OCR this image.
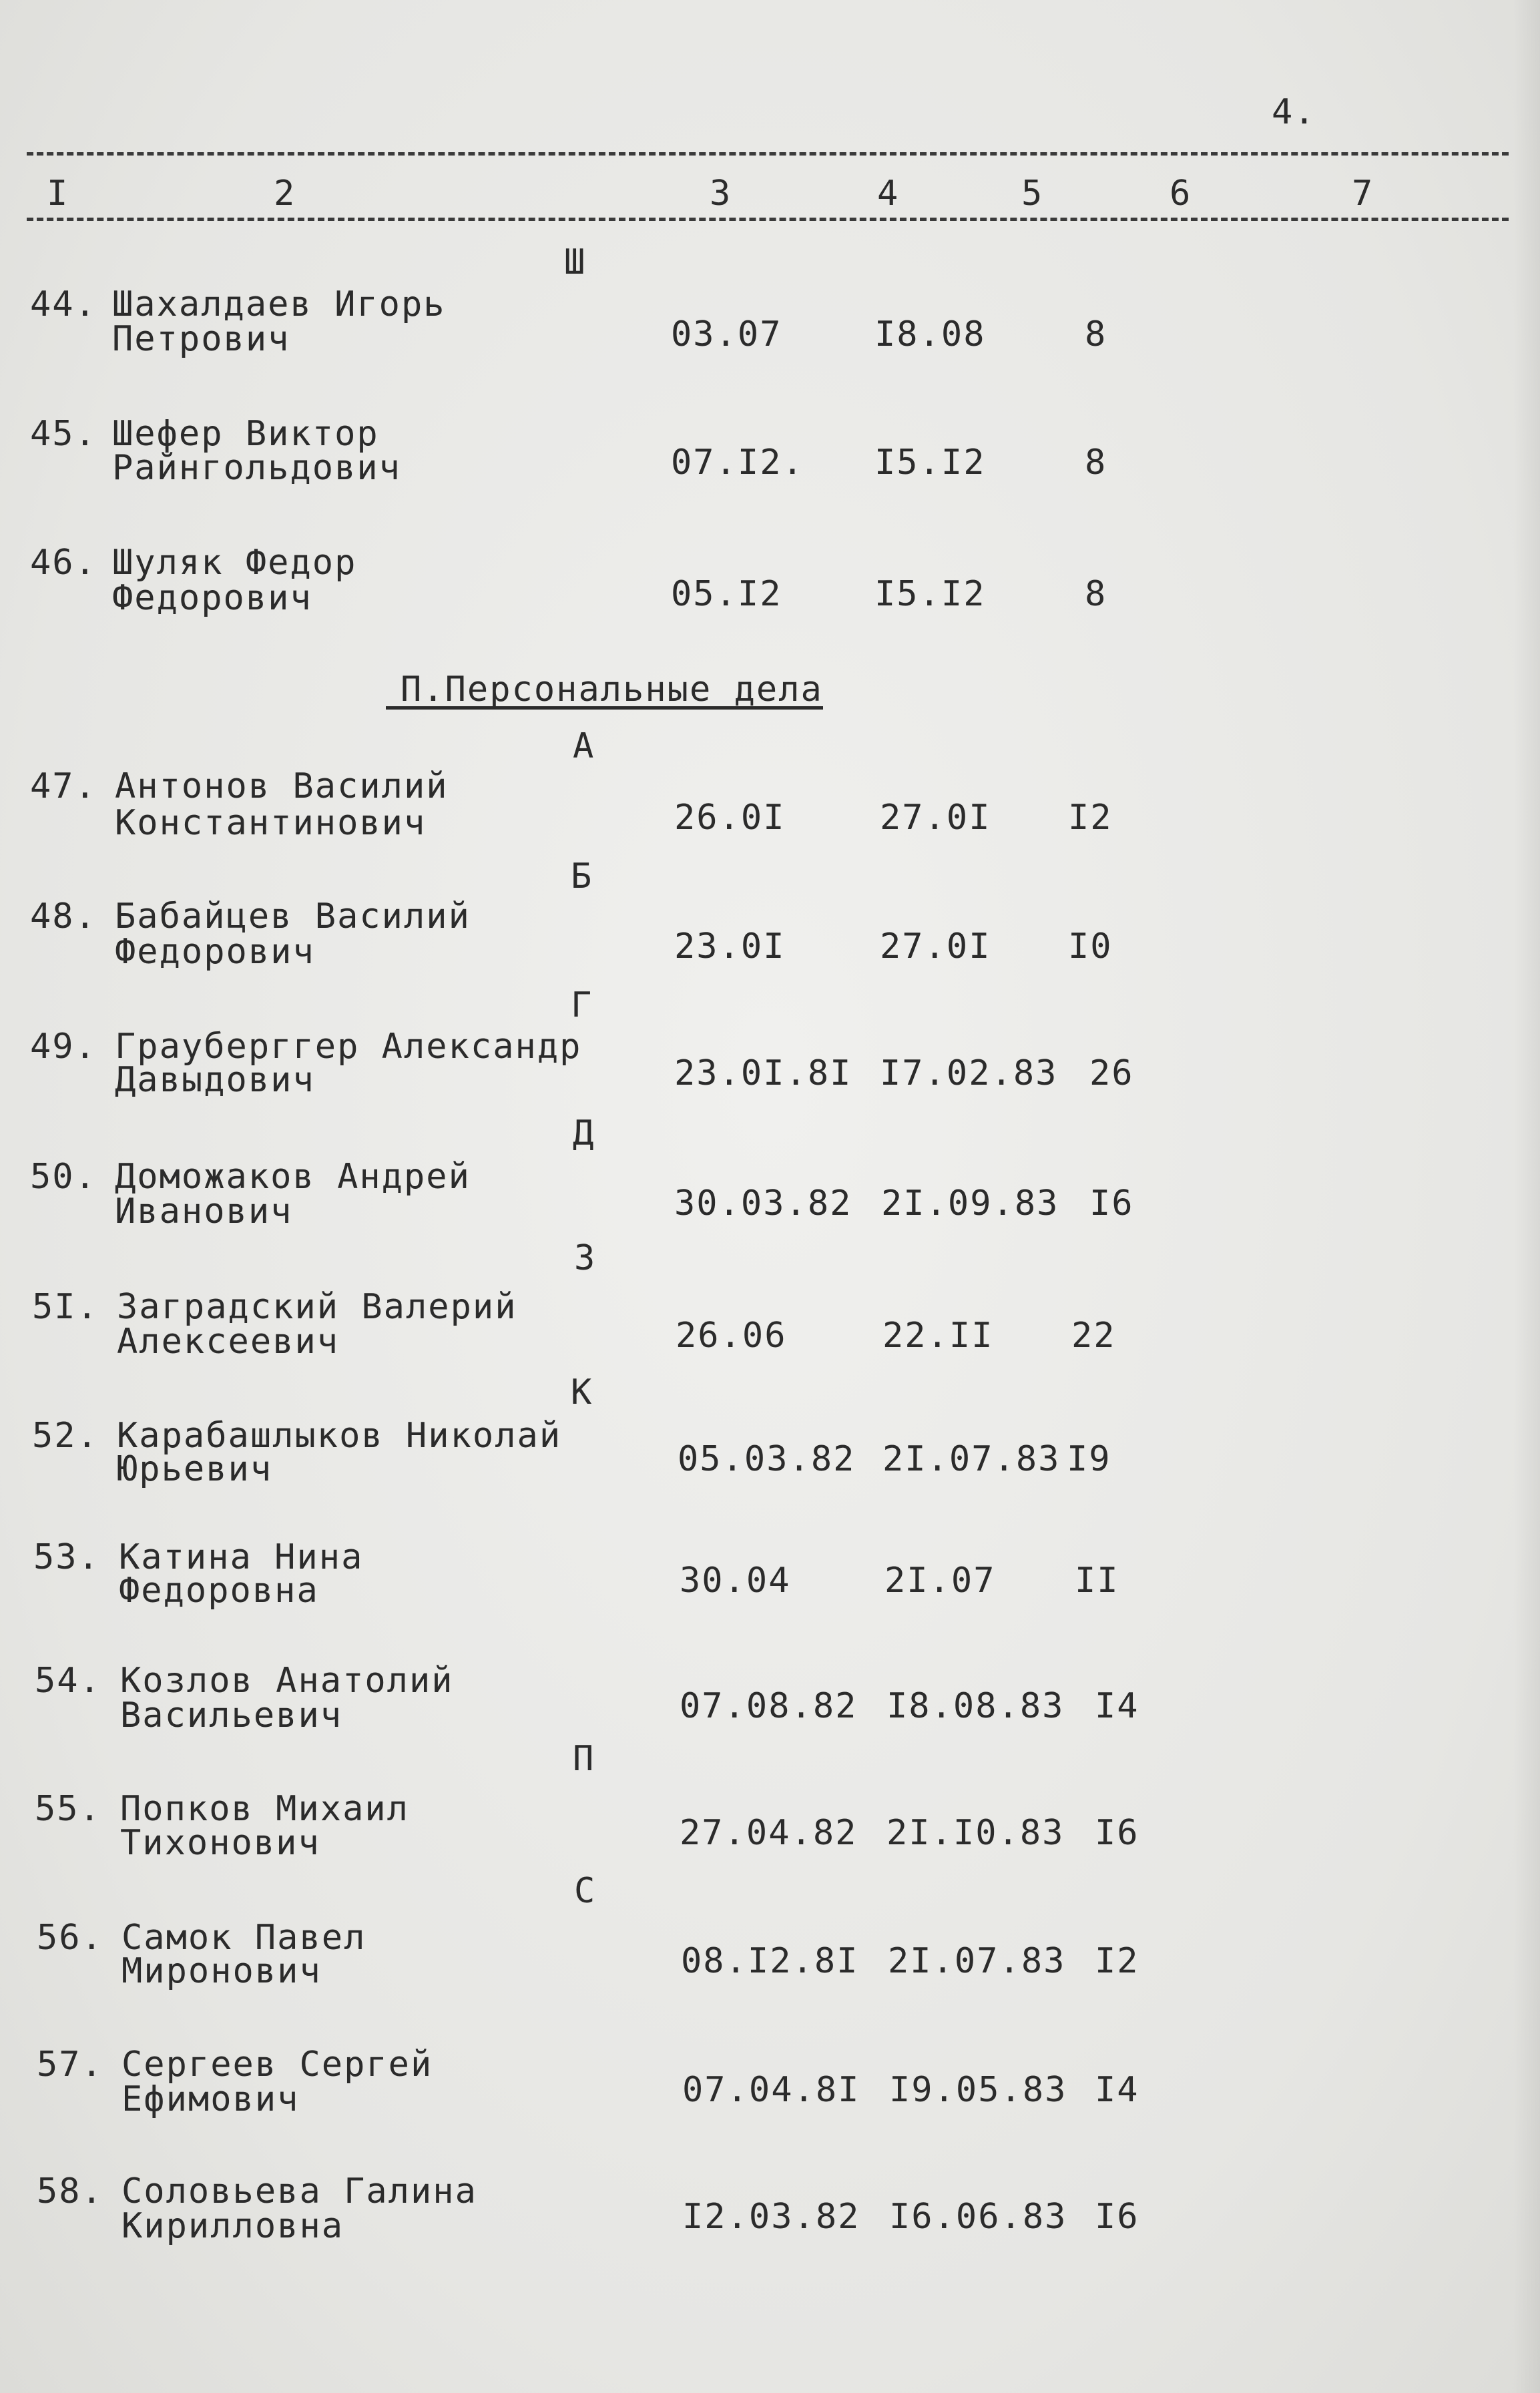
4.
I	2	3	4	5	6	7
Ш
П.Персональные дела
А
Б
Г
Д
З
К
П
С
44. Шахалдаев Игорь
Петрович	03.07	I8.08	8
45. Шефер Виктор
Райнгольдович	07.I2. I5.I2	8
46. Шуляк Федор
Федорович	05.I2	I5.I2	8
47. Антонов Василий
Константинович	26.0I	27.0I I2
48. Бабайцев Василий
Федорович	23.0I	27.0I I0
49. Грауберггер Александр
Давыдович	23.0I.8I I7.02.83 26
50. Доможаков Андрей
Иванович	30.03.82 2I.09.83 I6
5I. Заградский Валерий
Алексеевич	26.06	22.II 22
52. Карабашлыков Николай
Юрьевич	05.03.82 2I.07.83 I9
53. Катина Нина
Федоровна	30.04	2I.07 II
54. Козлов Анатолий
Васильевич	07.08.82 I8.08.83 I4
55. Попков Михаил
Тихонович	27.04.82 2I.I0.83 I6
56. Самок Павел
Миронович	08.I2.8I 2I.07.83 I2
57. Сергеев Сергей
Ефимович	07.04.8I I9.05.83 I4
58. Соловьева Галина
Кирилловна	I2.03.82 I6.06.83 I6
